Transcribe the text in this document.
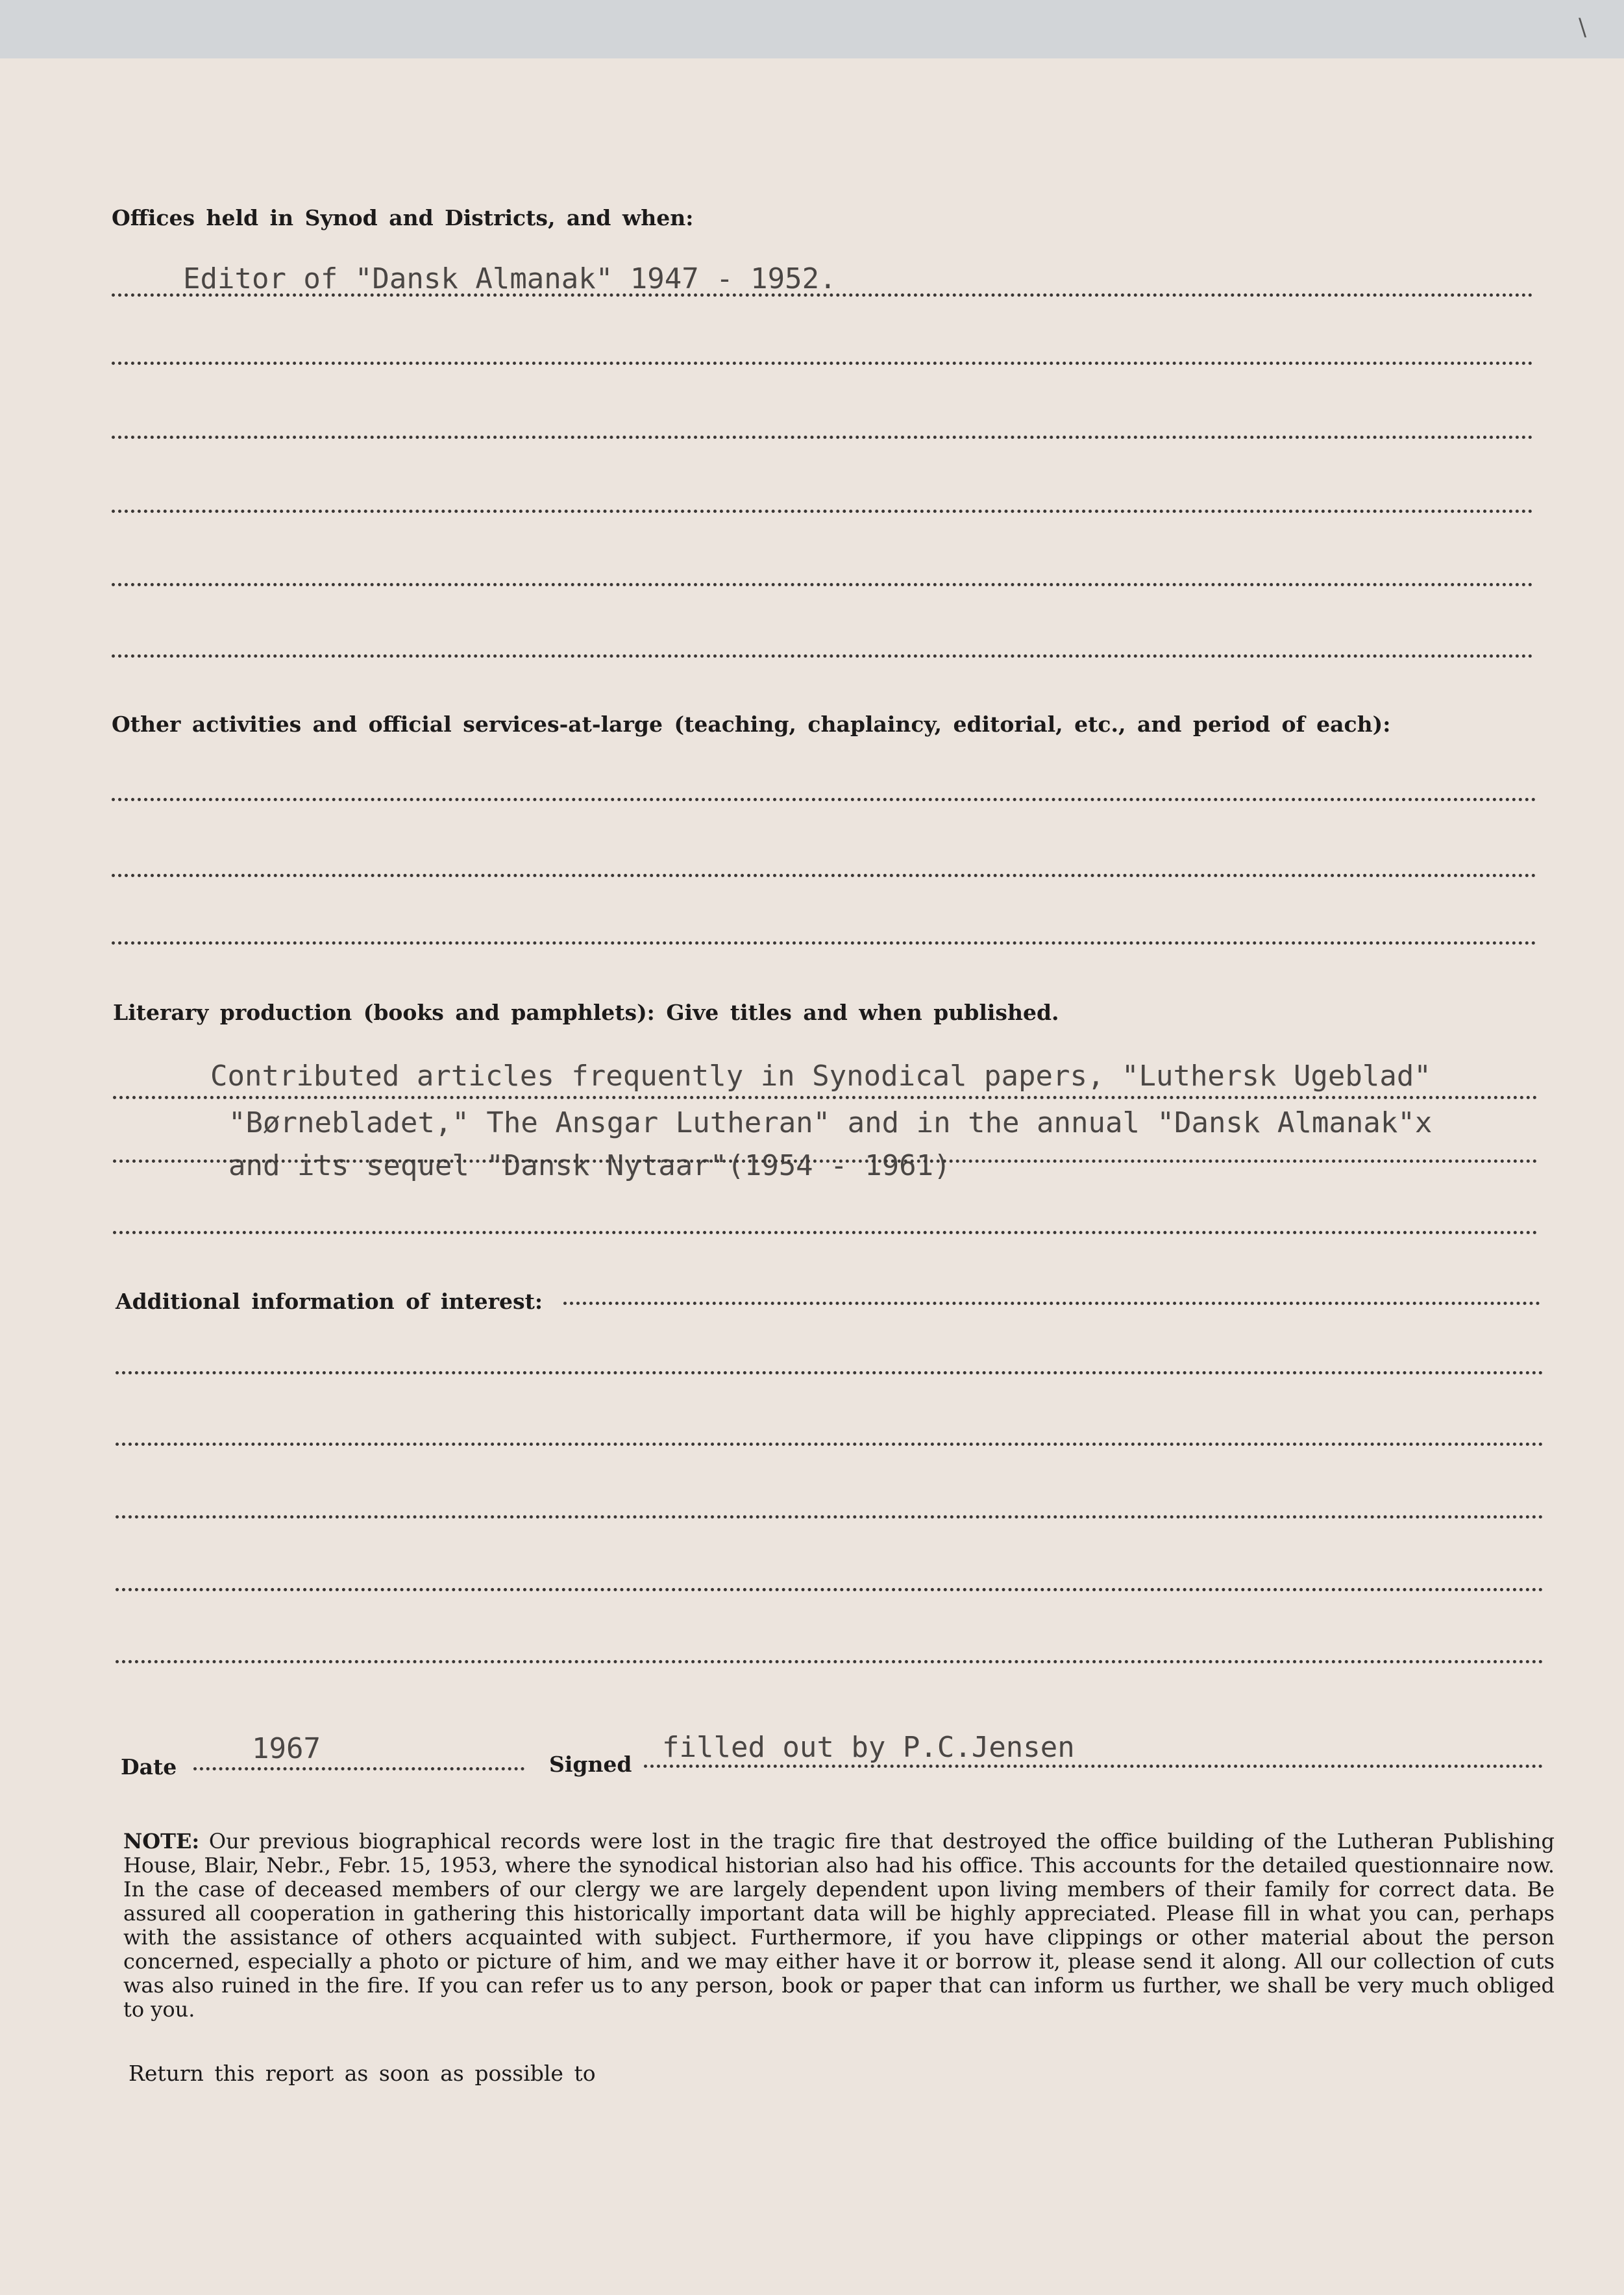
\
Offices held in Synod and Districts, and when:
Editor of "Dansk Almanak" 1947 - 1952.
Other activities and official services-at-large (teaching, chaplaincy, editorial, etc., and period of each):
Literary production (books and pamphlets): Give titles and when published.
Contributed articles frequently in Synodical papers, "Luthersk Ugeblad"
"Børnebladet," The Ansgar Lutheran" and in the annual "Dansk Almanak"x
and its sequel "Dansk Nytaar"(1954 - 1961)
Additional information of interest:
Date
1967	Signed
filled out by P.C.Jensen
NOTE: Our previous biographical records were lost in the tragic fire that destroyed the office building of the Lutheran Publishing House, Blair, Nebr., Febr. 15, 1953, where the synodical historian also had his office. This accounts for the detailed questionnaire now. In the case of deceased members of our clergy we are largely dependent upon living members of their family for correct data. Be assured all cooperation in gathering this historically important data will be highly appreciated. Please fill in what you can, perhaps with the assistance of others acquainted with subject. Furthermore, if you have clippings or other material about the person concerned, especially a photo or picture of him, and we may either have it or borrow it, please send it along. All our collection of cuts was also ruined in the fire. If you can refer us to any person, book or paper that can inform us further, we shall be very much obliged to you.
Return this report as soon as possible to
